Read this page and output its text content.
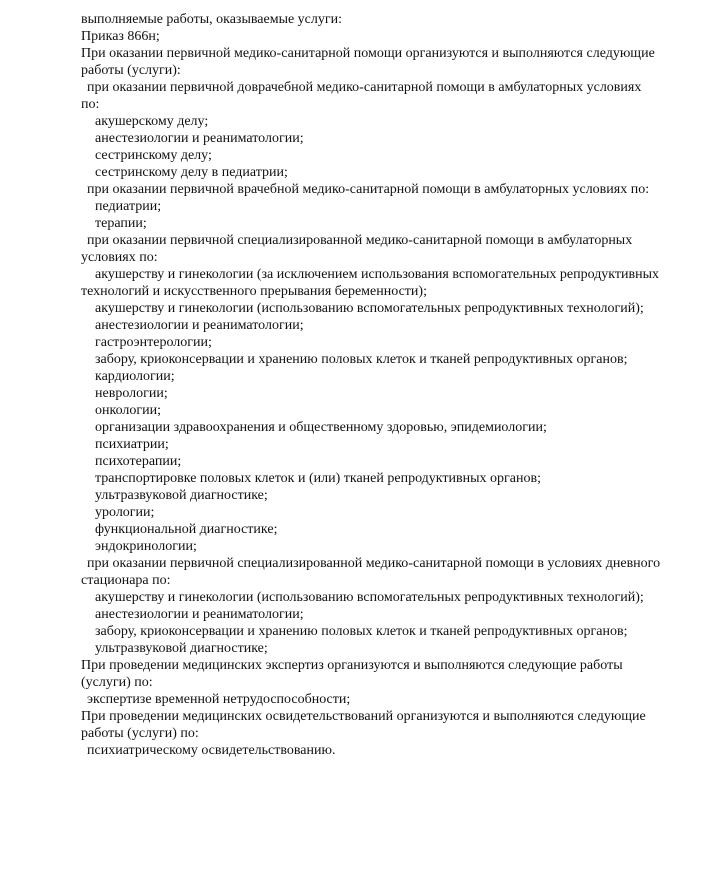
выполняемые работы, оказываемые услуги:
Приказ 866н;
При оказании первичной медико-санитарной помощи организуются и выполняются следующие
работы (услуги):
при оказании первичной доврачебной медико-санитарной помощи в амбулаторных условиях
по:
акушерскому делу;
анестезиологии и реаниматологии;
сестринскому делу;
сестринскому делу в педиатрии;
при оказании первичной врачебной медико-санитарной помощи в амбулаторных условиях по:
педиатрии;
терапии;
при оказании первичной специализированной медико-санитарной помощи в амбулаторных
условиях по:
акушерству и гинекологии (за исключением использования вспомогательных репродуктивных
технологий и искусственного прерывания беременности);
акушерству и гинекологии (использованию вспомогательных репродуктивных технологий);
анестезиологии и реаниматологии;
гастроэнтерологии;
забору, криоконсервации и хранению половых клеток и тканей репродуктивных органов;
кардиологии;
неврологии;
онкологии;
организации здравоохранения и общественному здоровью, эпидемиологии;
психиатрии;
психотерапии;
транспортировке половых клеток и (или) тканей репродуктивных органов;
ультразвуковой диагностике;
урологии;
функциональной диагностике;
эндокринологии;
при оказании первичной специализированной медико-санитарной помощи в условиях дневного
стационара по:
акушерству и гинекологии (использованию вспомогательных репродуктивных технологий);
анестезиологии и реаниматологии;
забору, криоконсервации и хранению половых клеток и тканей репродуктивных органов;
ультразвуковой диагностике;
При проведении медицинских экспертиз организуются и выполняются следующие работы
(услуги) по:
экспертизе временной нетрудоспособности;
При проведении медицинских освидетельствований организуются и выполняются следующие
работы (услуги) по:
психиатрическому освидетельствованию.
